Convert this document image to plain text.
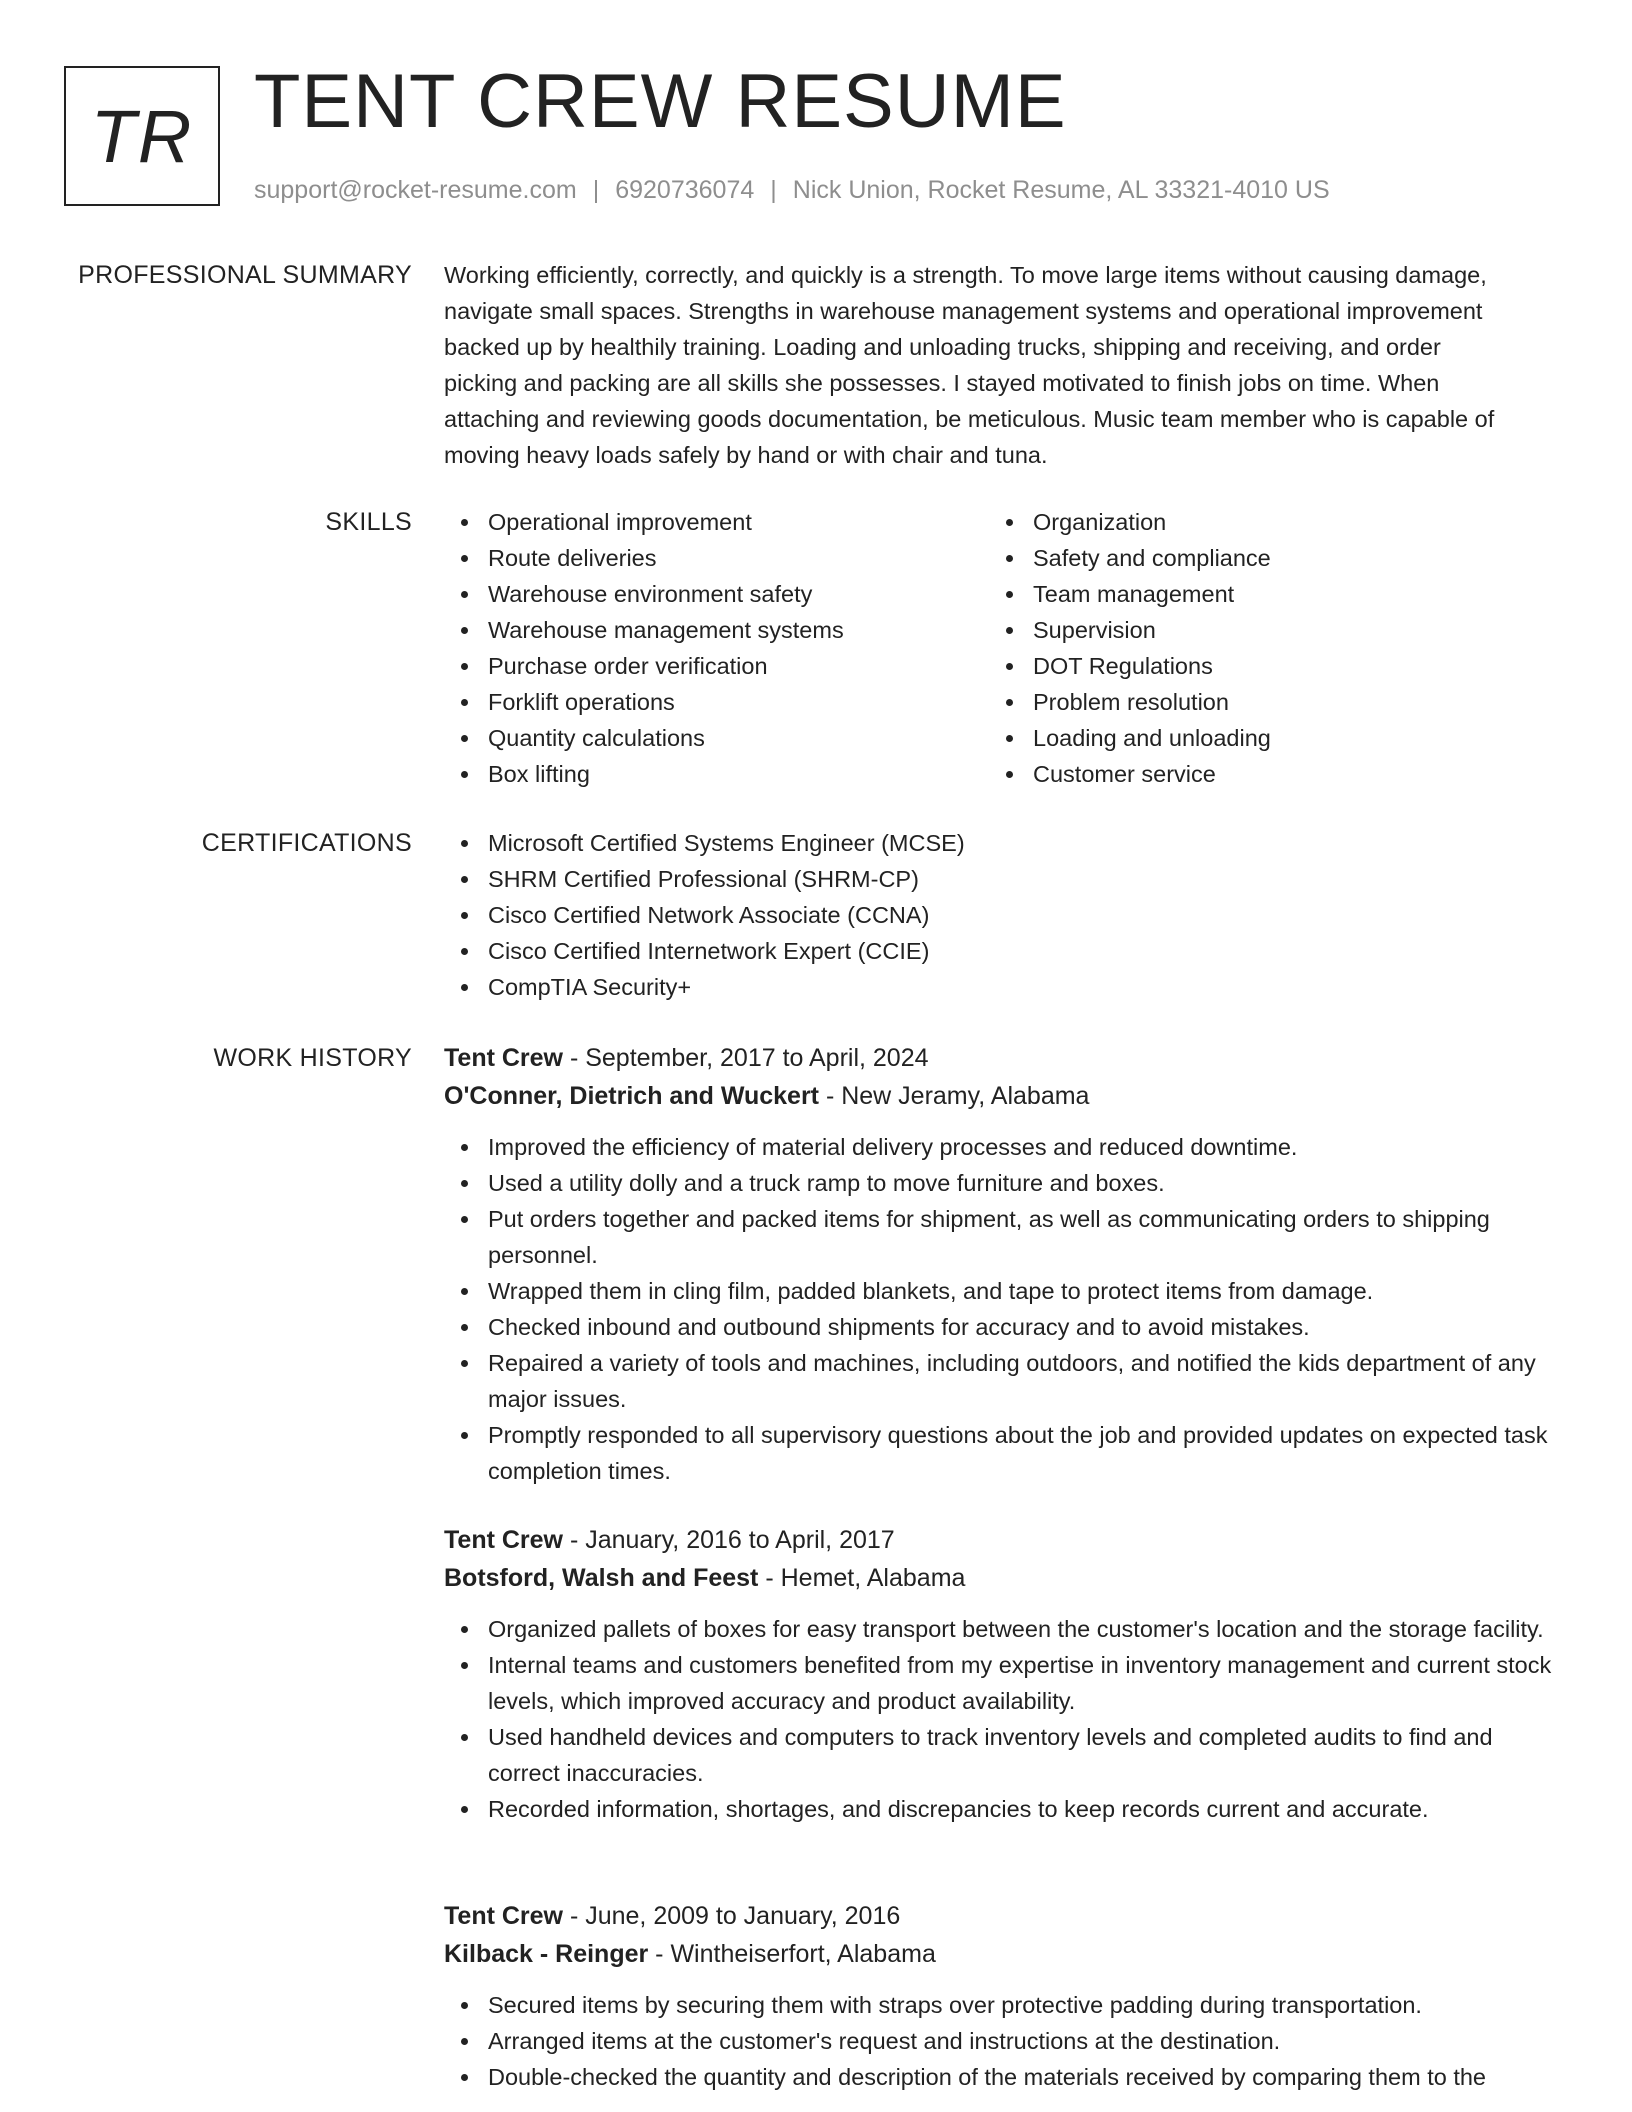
TR TENT CREW RESUME
support@rocket-resume.com | 6920736074 | Nick Union, Rocket Resume, AL 33321-4010 US
PROFESSIONAL SUMMARY Working efficiently, correctly, and quickly is a strength. To move large items without causing damage,
navigate small spaces. Strengths in warehouse management systems and operational improvement
backed up by healthily training. Loading and unloading trucks, shipping and receiving, and order
picking and packing are all skills she possesses. I stayed motivated to finish jobs on time. When
attaching and reviewing goods documentation, be meticulous. Music team member who is capable of
moving heavy loads safely by hand or with chair and tuna.
SKILLS	Operational improvement
Route deliveries
Warehouse environment safety
Warehouse management systems
Purchase order verification
Forklift operations
Quantity calculations
Box lifting
Organization
Safety and compliance
Team management
Supervision
DOT Regulations
Problem resolution
Loading and unloading
Customer service
CERTIFICATIONS	Microsoft Certified Systems Engineer (MCSE)
SHRM Certified Professional (SHRM-CP)
Cisco Certified Network Associate (CCNA)
Cisco Certified Internetwork Expert (CCIE)
CompTIA Security+
WORK HISTORY Tent Crew - September, 2017 to April, 2024
O'Conner, Dietrich and Wuckert - New Jeramy, Alabama
Improved the efficiency of material delivery processes and reduced downtime.
Used a utility dolly and a truck ramp to move furniture and boxes.
Put orders together and packed items for shipment, as well as communicating orders to shipping personnel.
Wrapped them in cling film, padded blankets, and tape to protect items from damage.
Checked inbound and outbound shipments for accuracy and to avoid mistakes.
Repaired a variety of tools and machines, including outdoors, and notified the kids department of any major issues.
Promptly responded to all supervisory questions about the job and provided updates on expected task completion times.
Tent Crew - January, 2016 to April, 2017
Botsford, Walsh and Feest - Hemet, Alabama
Organized pallets of boxes for easy transport between the customer's location and the storage facility.
Internal teams and customers benefited from my expertise in inventory management and current stock levels, which improved accuracy and product availability.
Used handheld devices and computers to track inventory levels and completed audits to find and correct inaccuracies.
Recorded information, shortages, and discrepancies to keep records current and accurate.
Tent Crew - June, 2009 to January, 2016
Kilback - Reinger - Wintheiserfort, Alabama
Secured items by securing them with straps over protective padding during transportation.
Arranged items at the customer's request and instructions at the destination.
Double-checked the quantity and description of the materials received by comparing them to the
